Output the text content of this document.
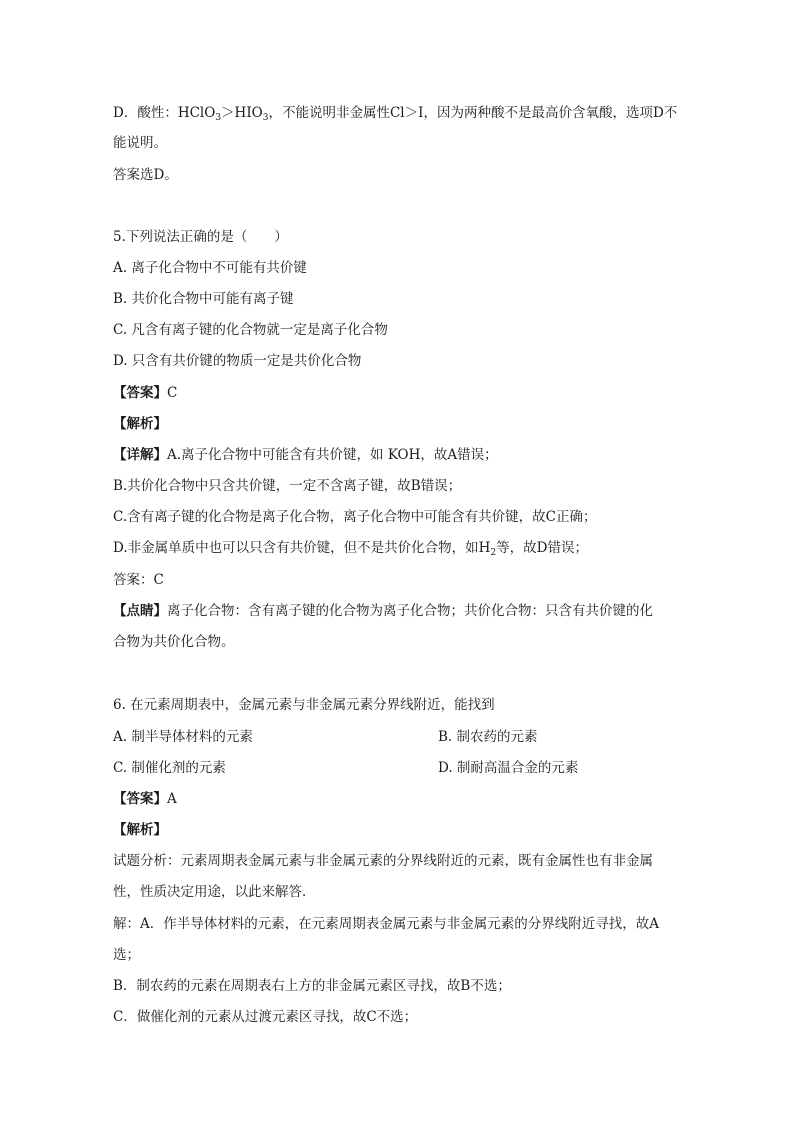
D．酸性：$HClO_3>HIO_3$，不能说明非金属性Cl＞I，因为两种酸不是最高价含氧酸，选项D不
能说明。
答案选D。
5.下列说法正确的是（　　）
A. 离子化合物中不可能有共价键
B. 共价化合物中可能有离子键
C. 凡含有离子键的化合物就一定是离子化合物
D. 只含有共价键的物质一定是共价化合物
【答案】C
【解析】
【详解】A.离子化合物中可能含有共价键，如 KOH，故A错误；
B.共价化合物中只含共价键，一定不含离子键，故B错误；
C.含有离子键的化合物是离子化合物，离子化合物中可能含有共价键，故C正确；
D.非金属单质中也可以只含有共价键，但不是共价化合物，如$H_2$等，故D错误；
答案：C
【点睛】离子化合物：含有离子键的化合物为离子化合物；共价化合物：只含有共价键的化
合物为共价化合物。
6. 在元素周期表中，金属元素与非金属元素分界线附近，能找到
A. 制半导体材料的元素	B. 制农药的元素
C. 制催化剂的元素	D. 制耐高温合金的元素
【答案】A
【解析】
试题分析：元素周期表金属元素与非金属元素的分界线附近的元素，既有金属性也有非金属
性，性质决定用途，以此来解答．
解：A．作半导体材料的元素，在元素周期表金属元素与非金属元素的分界线附近寻找，故A
选；
B．制农药的元素在周期表右上方的非金属元素区寻找，故B不选；
C．做催化剂的元素从过渡元素区寻找，故C不选；
